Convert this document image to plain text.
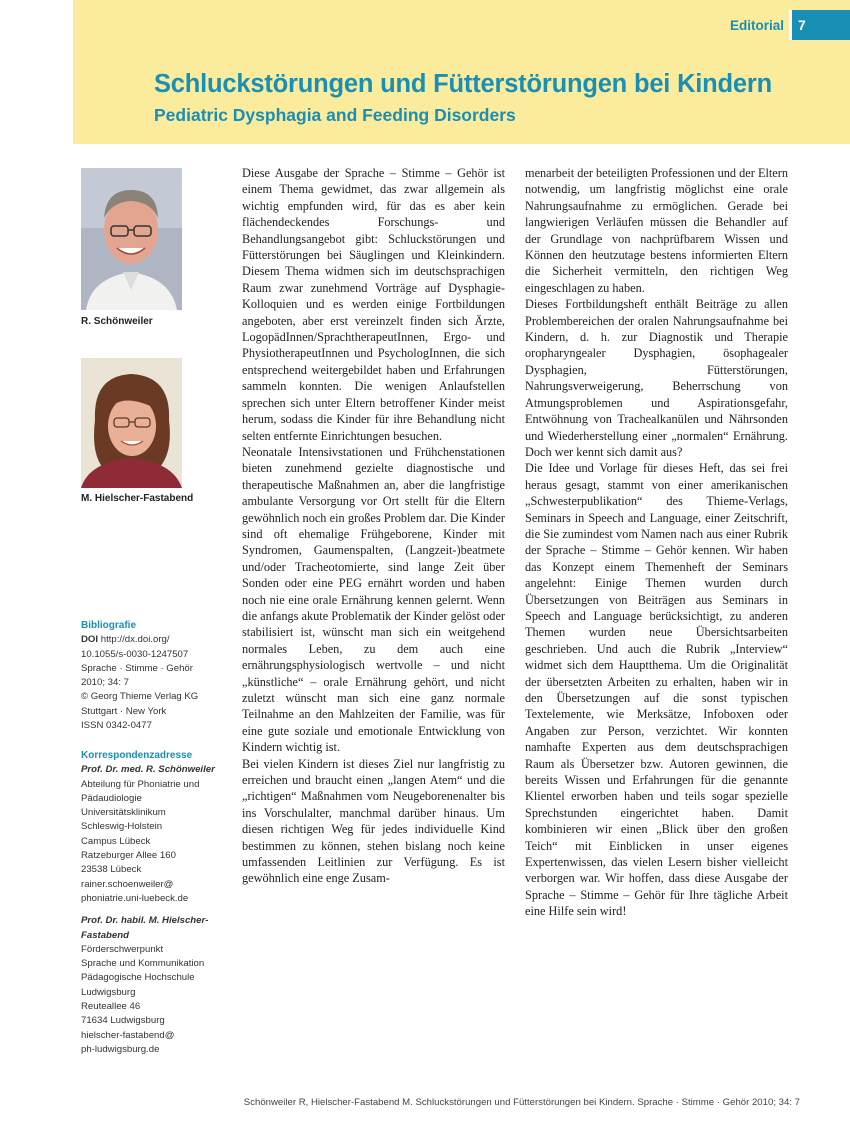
Editorial	7
Schluckstörungen und Fütterstörungen bei Kindern
Pediatric Dysphagia and Feeding Disorders
R. Schönweiler
M. Hielscher-Fastabend
Bibliografie
DOI http://dx.doi.org/
10.1055/s-0030-1247507
Sprache · Stimme · Gehör
2010; 34: 7
© Georg Thieme Verlag KG
Stuttgart · New York
ISSN 0342-0477
Korrespondenzadresse
Prof. Dr. med. R. Schönweiler
Abteilung für Phoniatrie und
Pädaudiologie
Universitätsklinikum
Schleswig-Holstein
Campus Lübeck
Ratzeburger Allee 160
23538 Lübeck
rainer.schoenweiler@
phoniatrie.uni-luebeck.de
Prof. Dr. habil. M. Hielscher-
Fastabend
Förderschwerpunkt
Sprache und Kommunikation
Pädagogische Hochschule
Ludwigsburg
Reuteallee 46
71634 Ludwigsburg
hielscher-fastabend@
ph-ludwigsburg.de

Diese Ausgabe der Sprache – Stimme – Gehör ist einem Thema gewidmet, das zwar allgemein als wichtig empfunden wird, für das es aber kein flächendeckendes Forschungs- und Behandlungsangebot gibt: Schluckstörungen und Fütterstörungen bei Säuglingen und Kleinkindern. Diesem Thema widmen sich im deutschsprachigen Raum zwar zunehmend Vorträge auf Dysphagie-Kolloquien und es werden einige Fortbildungen angeboten, aber erst vereinzelt finden sich Ärzte, LogopädInnen/SprachtherapeutInnen, Ergo- und PhysiotherapeutInnen und PsychologInnen, die sich entsprechend weitergebildet haben und Erfahrungen sammeln konnten. Die wenigen Anlaufstellen sprechen sich unter Eltern betroffener Kinder meist herum, sodass die Kinder für ihre Behandlung nicht selten entfernte Einrichtungen besuchen.

Neonatale Intensivstationen und Frühchenstationen bieten zunehmend gezielte diagnostische und therapeutische Maßnahmen an, aber die langfristige ambulante Versorgung vor Ort stellt für die Eltern gewöhnlich noch ein großes Problem dar. Die Kinder sind oft ehemalige Frühgeborene, Kinder mit Syndromen, Gaumenspalten, (Langzeit-)beatmete und/oder Tracheotomierte, sind lange Zeit über Sonden oder eine PEG ernährt worden und haben noch nie eine orale Ernährung kennen gelernt. Wenn die anfangs akute Problematik der Kinder gelöst oder stabilisiert ist, wünscht man sich ein weitgehend normales Leben, zu dem auch eine ernährungsphysiologisch wertvolle – und nicht „künstliche“ – orale Ernährung gehört, und nicht zuletzt wünscht man sich eine ganz normale Teilnahme an den Mahlzeiten der Familie, was für eine gute soziale und emotionale Entwicklung von Kindern wichtig ist.

Bei vielen Kindern ist dieses Ziel nur langfristig zu erreichen und braucht einen „langen Atem“ und die „richtigen“ Maßnahmen vom Neugeborenenalter bis ins Vorschulalter, manchmal darüber hinaus. Um diesen richtigen Weg für jedes individuelle Kind bestimmen zu können, stehen bislang noch keine umfassenden Leitlinien zur Verfügung. Es ist gewöhnlich eine enge Zusam-

menarbeit der beteiligten Professionen und der Eltern notwendig, um langfristig möglichst eine orale Nahrungsaufnahme zu ermöglichen. Gerade bei langwierigen Verläufen müssen die Behandler auf der Grundlage von nachprüfbarem Wissen und Können den heutzutage bestens informierten Eltern die Sicherheit vermitteln, den richtigen Weg eingeschlagen zu haben.

Dieses Fortbildungsheft enthält Beiträge zu allen Problembereichen der oralen Nahrungsaufnahme bei Kindern, d. h. zur Diagnostik und Therapie oropharyngealer Dysphagien, ösophagealer Dysphagien, Fütterstörungen, Nahrungsverweigerung, Beherrschung von Atmungsproblemen und Aspirationsgefahr, Entwöhnung von Trachealkanülen und Nährsonden und Wiederherstellung einer „normalen“ Ernährung. Doch wer kennt sich damit aus?

Die Idee und Vorlage für dieses Heft, das sei frei heraus gesagt, stammt von einer amerikanischen „Schwesterpublikation“ des Thieme-Verlags, Seminars in Speech and Language, einer Zeitschrift, die Sie zumindest vom Namen nach aus einer Rubrik der Sprache – Stimme – Gehör kennen. Wir haben das Konzept einem Themenheft der Seminars angelehnt: Einige Themen wurden durch Übersetzungen von Beiträgen aus Seminars in Speech and Language berücksichtigt, zu anderen Themen wurden neue Übersichtsarbeiten geschrieben. Und auch die Rubrik „Interview“ widmet sich dem Hauptthema. Um die Originalität der übersetzten Arbeiten zu erhalten, haben wir in den Übersetzungen auf die sonst typischen Textelemente, wie Merksätze, Infoboxen oder Angaben zur Person, verzichtet. Wir konnten namhafte Experten aus dem deutschsprachigen Raum als Übersetzer bzw. Autoren gewinnen, die bereits Wissen und Erfahrungen für die genannte Klientel erworben haben und teils sogar spezielle Sprechstunden eingerichtet haben. Damit kombinieren wir einen „Blick über den großen Teich“ mit Einblicken in unser eigenes Expertenwissen, das vielen Lesern bisher vielleicht verborgen war. Wir hoffen, dass diese Ausgabe der Sprache – Stimme – Gehör für Ihre tägliche Arbeit eine Hilfe sein wird!

Schönweiler R, Hielscher-Fastabend M. Schluckstörungen und Fütterstörungen bei Kindern. Sprache · Stimme · Gehör 2010; 34: 7
